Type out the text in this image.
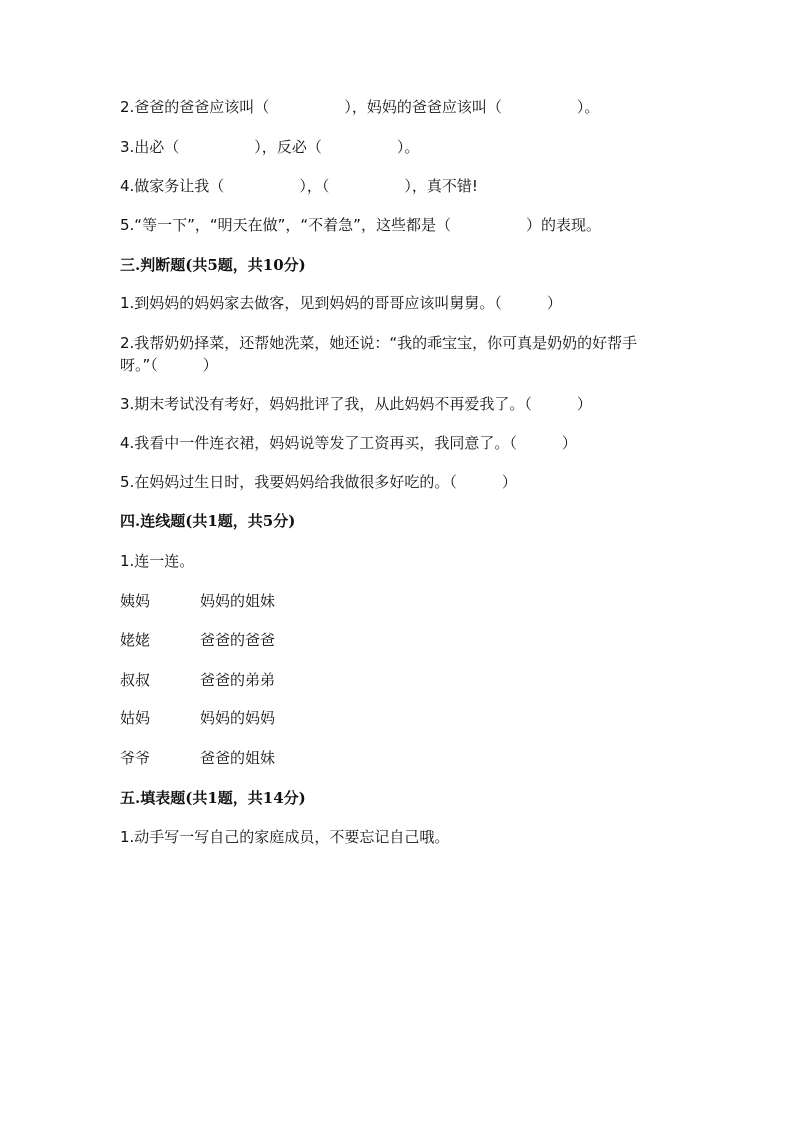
2.爸爸的爸爸应该叫（　　　　　），妈妈的爸爸应该叫（　　　　　）。
3.出必（　　　　　），反必（　　　　　）。
4.做家务让我（　　　　　），（　　　　　），真不错!
5.“等一下”，“明天在做”，“不着急”，这些都是（　　　　　）的表现。
三.判断题(共5题，共10分)
1.到妈妈的妈妈家去做客，见到妈妈的哥哥应该叫舅舅。（　　　）
2.我帮奶奶择菜，还帮她洗菜，她还说：“我的乖宝宝，你可真是奶奶的好帮手呀。”（　　　）
3.期末考试没有考好，妈妈批评了我，从此妈妈不再爱我了。（　　　）
4.我看中一件连衣裙，妈妈说等发了工资再买，我同意了。（　　　）
5.在妈妈过生日时，我要妈妈给我做很多好吃的。（　　　）
四.连线题(共1题，共5分)
1.连一连。
姨妈	妈妈的姐妹
姥姥	爸爸的爸爸
叔叔	爸爸的弟弟
姑妈	妈妈的妈妈
爷爷	爸爸的姐妹
五.填表题(共1题，共14分)
1.动手写一写自己的家庭成员，不要忘记自己哦。
